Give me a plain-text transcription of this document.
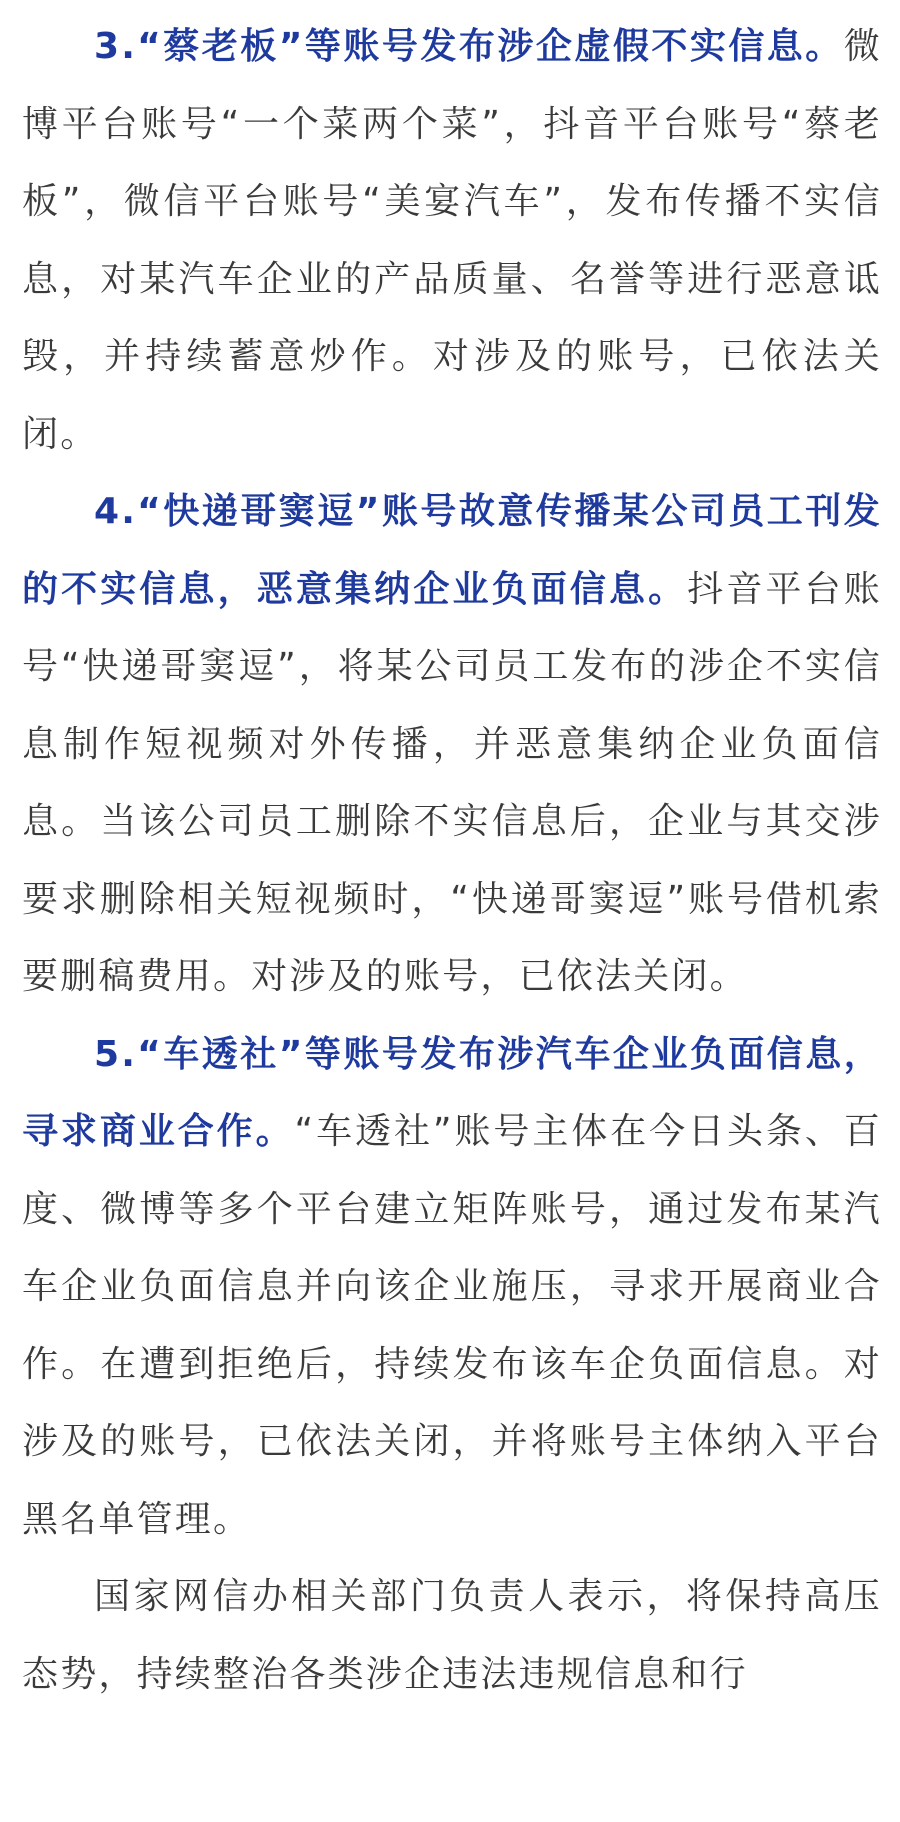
3.“蔡老板”等账号发布涉企虚假不实信息。微博平台账号“一个菜两个菜”，抖音平台账号“蔡老板”，微信平台账号“美宴汽车”，发布传播不实信息，对某汽车企业的产品质量、名誉等进行恶意诋毁，并持续蓄意炒作。对涉及的账号，已依法关闭。

4.“快递哥窦逗”账号故意传播某公司员工刊发的不实信息，恶意集纳企业负面信息。抖音平台账号“快递哥窦逗”，将某公司员工发布的涉企不实信息制作短视频对外传播，并恶意集纳企业负面信息。当该公司员工删除不实信息后，企业与其交涉要求删除相关短视频时，“快递哥窦逗”账号借机索要删稿费用。对涉及的账号，已依法关闭。

5.“车透社”等账号发布涉汽车企业负面信息，寻求商业合作。“车透社”账号主体在今日头条、百度、微博等多个平台建立矩阵账号，通过发布某汽车企业负面信息并向该企业施压，寻求开展商业合作。在遭到拒绝后，持续发布该车企负面信息。对涉及的账号，已依法关闭，并将账号主体纳入平台黑名单管理。

国家网信办相关部门负责人表示，将保持高压态势，持续整治各类涉企违法违规信息和行
